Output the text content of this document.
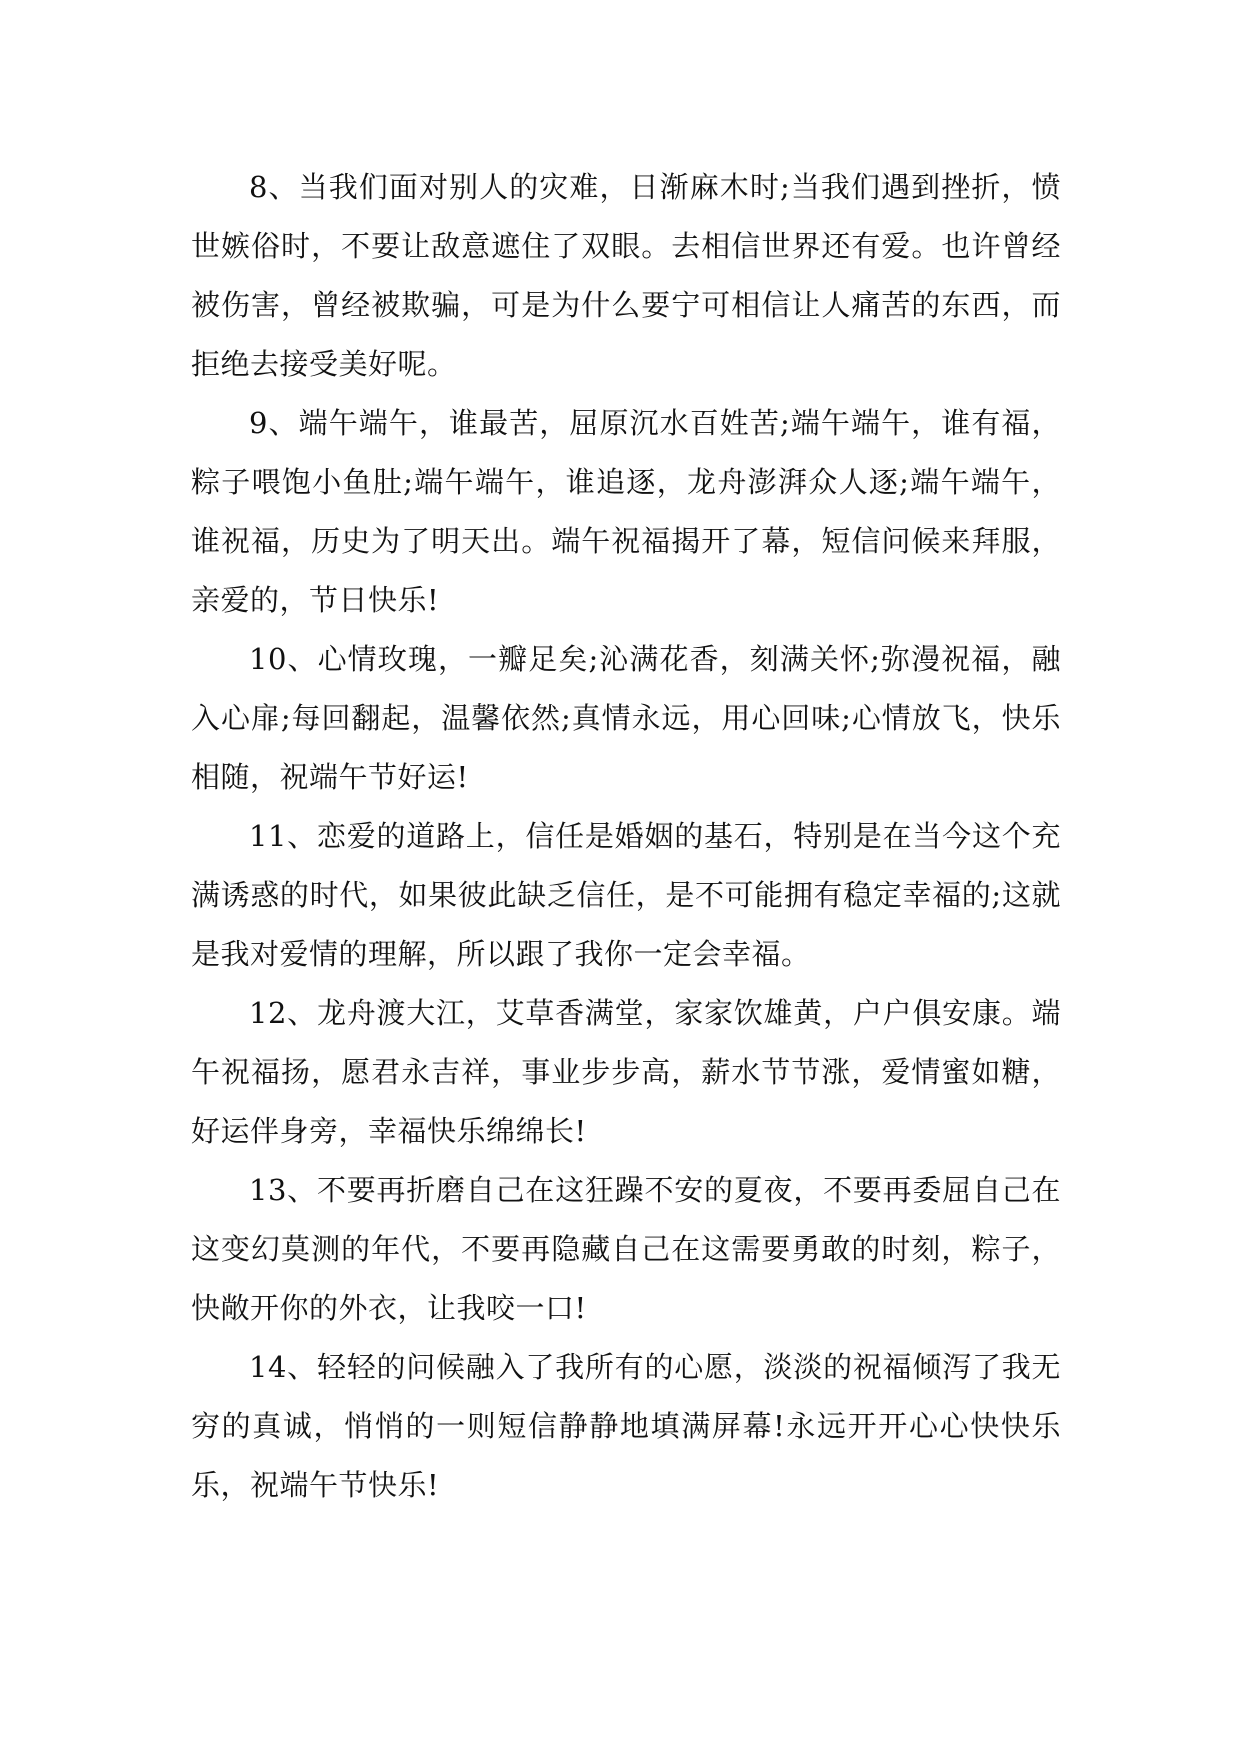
8、当我们面对别人的灾难，日渐麻木时;当我们遇到挫折，愤世嫉俗时，不要让敌意遮住了双眼。去相信世界还有爱。也许曾经被伤害，曾经被欺骗，可是为什么要宁可相信让人痛苦的东西，而拒绝去接受美好呢。

9、端午端午，谁最苦，屈原沉水百姓苦;端午端午，谁有福，粽子喂饱小鱼肚;端午端午，谁追逐，龙舟澎湃众人逐;端午端午，谁祝福，历史为了明天出。端午祝福揭开了幕，短信问候来拜服，亲爱的，节日快乐!

10、心情玫瑰，一瓣足矣;沁满花香，刻满关怀;弥漫祝福，融入心扉;每回翻起，温馨依然;真情永远，用心回味;心情放飞，快乐相随，祝端午节好运!

11、恋爱的道路上，信任是婚姻的基石，特别是在当今这个充满诱惑的时代，如果彼此缺乏信任，是不可能拥有稳定幸福的;这就是我对爱情的理解，所以跟了我你一定会幸福。

12、龙舟渡大江，艾草香满堂，家家饮雄黄，户户俱安康。端午祝福扬，愿君永吉祥，事业步步高，薪水节节涨，爱情蜜如糖，好运伴身旁，幸福快乐绵绵长!

13、不要再折磨自己在这狂躁不安的夏夜，不要再委屈自己在这变幻莫测的年代，不要再隐藏自己在这需要勇敢的时刻，粽子，快敞开你的外衣，让我咬一口!

14、轻轻的问候融入了我所有的心愿，淡淡的祝福倾泻了我无穷的真诚，悄悄的一则短信静静地填满屏幕!永远开开心心快快乐乐，祝端午节快乐!
